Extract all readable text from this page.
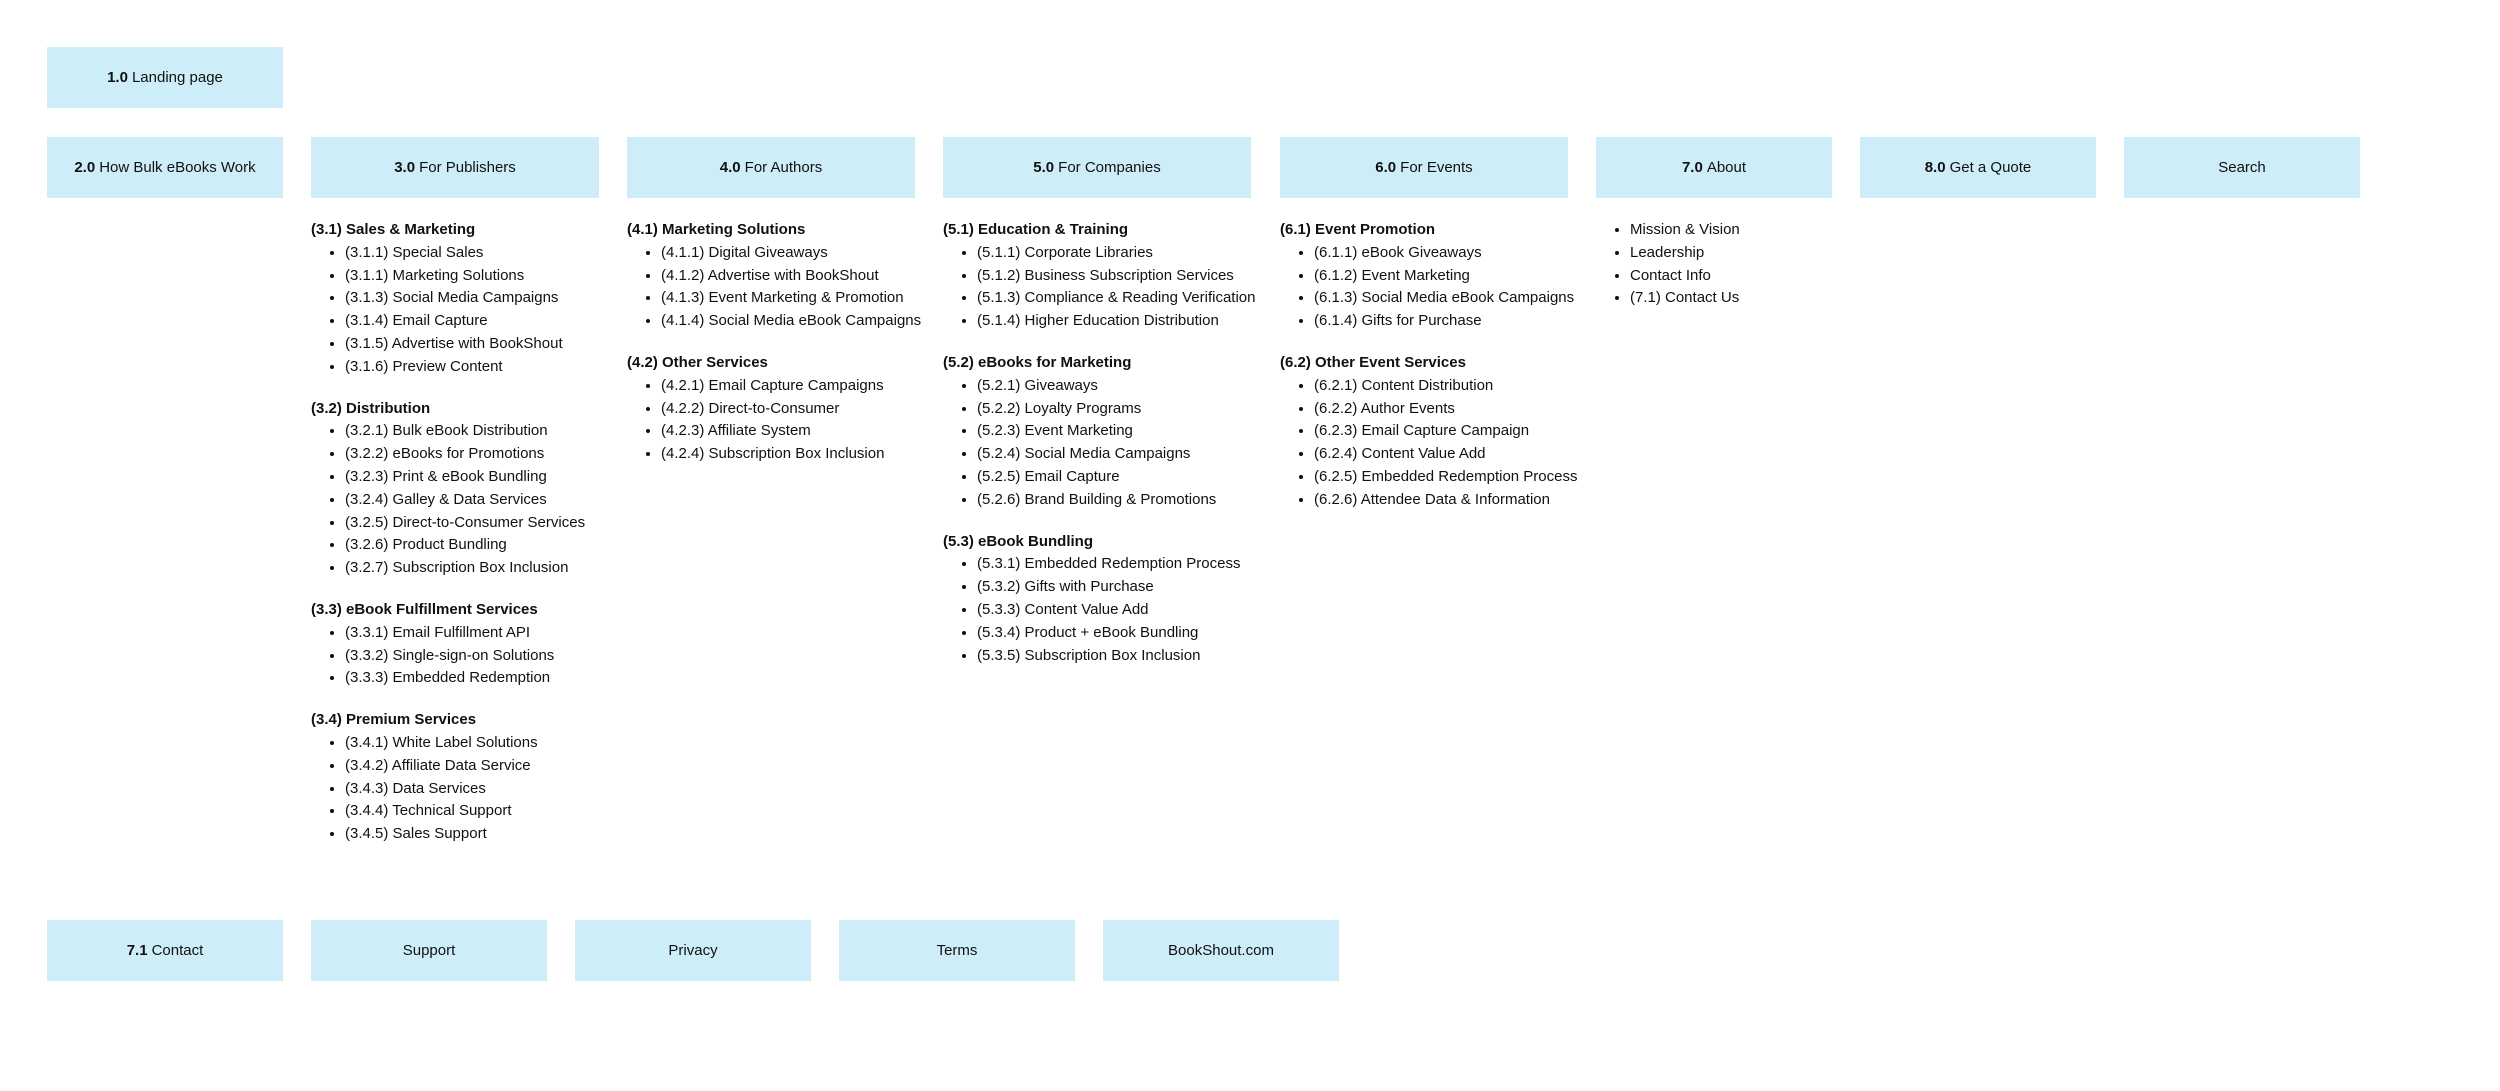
1.0 Landing page
2.0 How Bulk eBooks Work	3.0 For Publishers	4.0 For Authors	5.0 For Companies	6.0 For Events	7.0 About	8.0 Get a Quote	Search
(3.1) Sales & Marketing
• (3.1.1) Special Sales
• (3.1.1) Marketing Solutions
• (3.1.3) Social Media Campaigns
• (3.1.4) Email Capture
• (3.1.5) Advertise with BookShout
• (3.1.6) Preview Content
(3.2) Distribution
• (3.2.1) Bulk eBook Distribution
• (3.2.2) eBooks for Promotions
• (3.2.3) Print & eBook Bundling
• (3.2.4) Galley & Data Services
• (3.2.5) Direct-to-Consumer Services
• (3.2.6) Product Bundling
• (3.2.7) Subscription Box Inclusion
(3.3) eBook Fulfillment Services
• (3.3.1) Email Fulfillment API
• (3.3.2) Single-sign-on Solutions
• (3.3.3) Embedded Redemption
(3.4) Premium Services
• (3.4.1) White Label Solutions
• (3.4.2) Affiliate Data Service
• (3.4.3) Data Services
• (3.4.4) Technical Support
• (3.4.5) Sales Support
(4.1) Marketing Solutions
• (4.1.1) Digital Giveaways
• (4.1.2) Advertise with BookShout
• (4.1.3) Event Marketing & Promotion
• (4.1.4) Social Media eBook Campaigns
(4.2) Other Services
• (4.2.1) Email Capture Campaigns
• (4.2.2) Direct-to-Consumer
• (4.2.3) Affiliate System
• (4.2.4) Subscription Box Inclusion
(5.1) Education & Training
• (5.1.1) Corporate Libraries
• (5.1.2) Business Subscription Services
• (5.1.3) Compliance & Reading Verification
• (5.1.4) Higher Education Distribution
(5.2) eBooks for Marketing
• (5.2.1) Giveaways
• (5.2.2) Loyalty Programs
• (5.2.3) Event Marketing
• (5.2.4) Social Media Campaigns
• (5.2.5) Email Capture
• (5.2.6) Brand Building & Promotions
(5.3) eBook Bundling
• (5.3.1) Embedded Redemption Process
• (5.3.2) Gifts with Purchase
• (5.3.3) Content Value Add
• (5.3.4) Product + eBook Bundling
• (5.3.5) Subscription Box Inclusion
(6.1) Event Promotion
• (6.1.1) eBook Giveaways
• (6.1.2) Event Marketing
• (6.1.3) Social Media eBook Campaigns
• (6.1.4) Gifts for Purchase
(6.2) Other Event Services
• (6.2.1) Content Distribution
• (6.2.2) Author Events
• (6.2.3) Email Capture Campaign
• (6.2.4) Content Value Add
• (6.2.5) Embedded Redemption Process
• (6.2.6) Attendee Data & Information
• Mission & Vision
• Leadership
• Contact Info
• (7.1) Contact Us
7.1 Contact	Support	Privacy	Terms	BookShout.com
